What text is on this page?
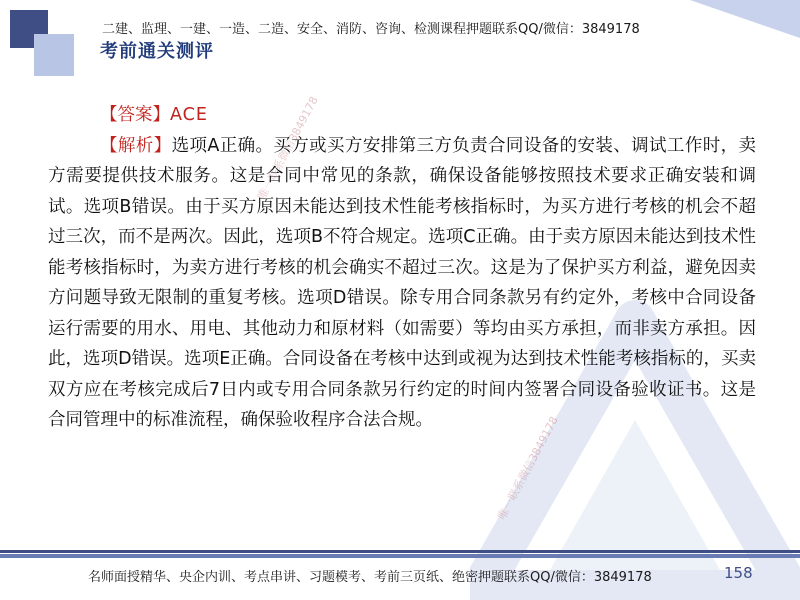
二建、监理、一建、一造、二造、安全、消防、咨询、检测课程押题联系QQ/微信：3849178
考前通关测评
唯一联系微信3849178
唯一联系微信3849178
【答案】ACE

【解析】选项A正确。买方或买方安排第三方负责合同设备的安装、调试工作时，卖方需要提供技术服务。这是合同中常见的条款，确保设备能够按照技术要求正确安装和调试。选项B错误。由于买方原因未能达到技术性能考核指标时，为买方进行考核的机会不超过三次，而不是两次。因此，选项B不符合规定。选项C正确。由于卖方原因未能达到技术性能考核指标时，为卖方进行考核的机会确实不超过三次。这是为了保护买方利益，避免因卖方问题导致无限制的重复考核。选项D错误。除专用合同条款另有约定外，考核中合同设备运行需要的用水、用电、其他动力和原材料（如需要）等均由买方承担，而非卖方承担。因此，选项D错误。选项E正确。合同设备在考核中达到或视为达到技术性能考核指标的，买卖双方应在考核完成后7日内或专用合同条款另行约定的时间内签署合同设备验收证书。这是合同管理中的标准流程，确保验收程序合法合规。

名师面授精华、央企内训、考点串讲、习题模考、考前三页纸、绝密押题联系QQ/微信：3849178	158
